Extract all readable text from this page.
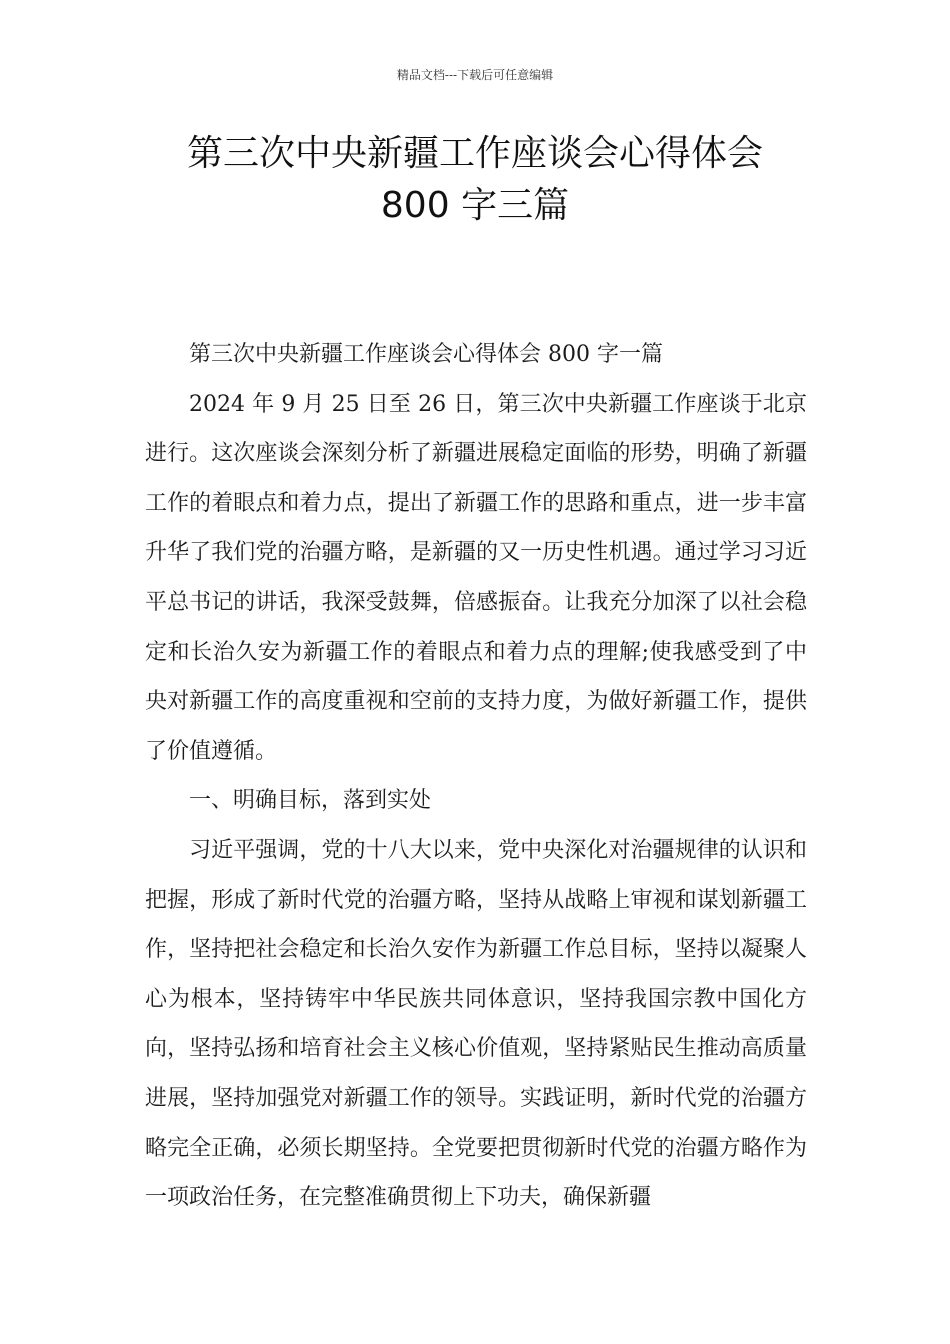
精品文档---下载后可任意编辑
第三次中央新疆工作座谈会心得体会
800 字三篇

第三次中央新疆工作座谈会心得体会 800 字一篇

2024 年 9 月 25 日至 26 日，第三次中央新疆工作座谈于北京进行。这次座谈会深刻分析了新疆进展稳定面临的形势，明确了新疆工作的着眼点和着力点，提出了新疆工作的思路和重点，进一步丰富升华了我们党的治疆方略，是新疆的又一历史性机遇。通过学习习近平总书记的讲话，我深受鼓舞，倍感振奋。让我充分加深了以社会稳定和长治久安为新疆工作的着眼点和着力点的理解;使我感受到了中央对新疆工作的高度重视和空前的支持力度，为做好新疆工作，提供了价值遵循。

一、明确目标，落到实处

习近平强调，党的十八大以来，党中央深化对治疆规律的认识和把握，形成了新时代党的治疆方略，坚持从战略上审视和谋划新疆工作，坚持把社会稳定和长治久安作为新疆工作总目标，坚持以凝聚人心为根本，坚持铸牢中华民族共同体意识，坚持我国宗教中国化方向，坚持弘扬和培育社会主义核心价值观，坚持紧贴民生推动高质量进展，坚持加强党对新疆工作的领导。实践证明，新时代党的治疆方略完全正确，必须长期坚持。全党要把贯彻新时代党的治疆方略作为一项政治任务，在完整准确贯彻上下功夫，确保新疆
